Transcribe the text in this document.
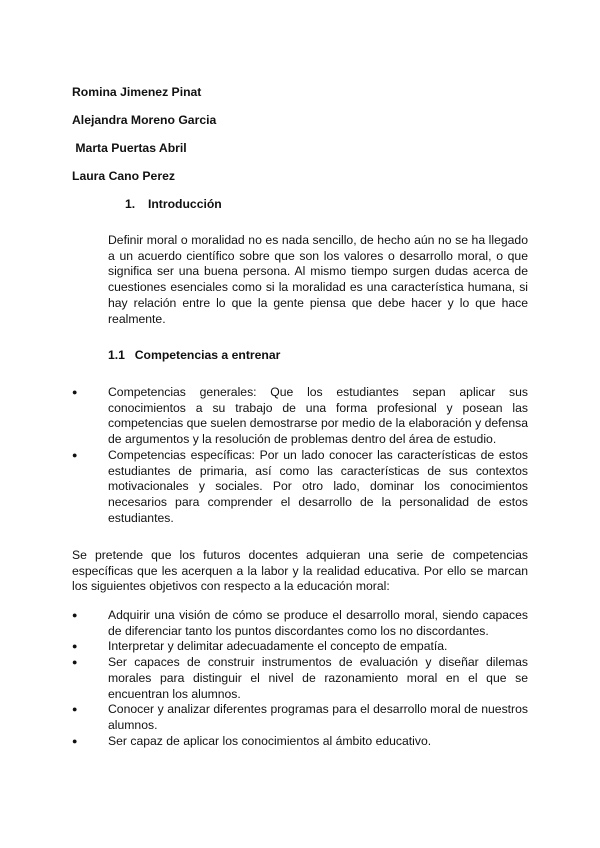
Romina Jimenez Pinat
Alejandra Moreno Garcia
Marta Puertas Abril
Laura Cano Perez
1. Introducción

Definir moral o moralidad no es nada sencillo, de hecho aún no se ha llegado a un acuerdo científico sobre que son los valores o desarrollo moral, o que significa ser una buena persona. Al mismo tiempo surgen dudas acerca de cuestiones esenciales como si la moralidad es una característica humana, si hay relación entre lo que la gente piensa que debe hacer y lo que hace realmente.

1.1 Competencias a entrenar
● Competencias generales: Que los estudiantes sepan aplicar sus conocimientos a su trabajo de una forma profesional y posean las competencias que suelen demostrarse por medio de la elaboración y defensa de argumentos y la resolución de problemas dentro del área de estudio.
● Competencias específicas: Por un lado conocer las características de estos estudiantes de primaria, así como las características de sus contextos motivacionales y sociales. Por otro lado, dominar los conocimientos necesarios para comprender el desarrollo de la personalidad de estos estudiantes.

Se pretende que los futuros docentes adquieran una serie de competencias específicas que les acerquen a la labor y la realidad educativa. Por ello se marcan los siguientes objetivos con respecto a la educación moral:

● Adquirir una visión de cómo se produce el desarrollo moral, siendo capaces de diferenciar tanto los puntos discordantes como los no discordantes.
● Interpretar y delimitar adecuadamente el concepto de empatía.
● Ser capaces de construir instrumentos de evaluación y diseñar dilemas morales para distinguir el nivel de razonamiento moral en el que se encuentran los alumnos.
● Conocer y analizar diferentes programas para el desarrollo moral de nuestros alumnos.
● Ser capaz de aplicar los conocimientos al ámbito educativo.
